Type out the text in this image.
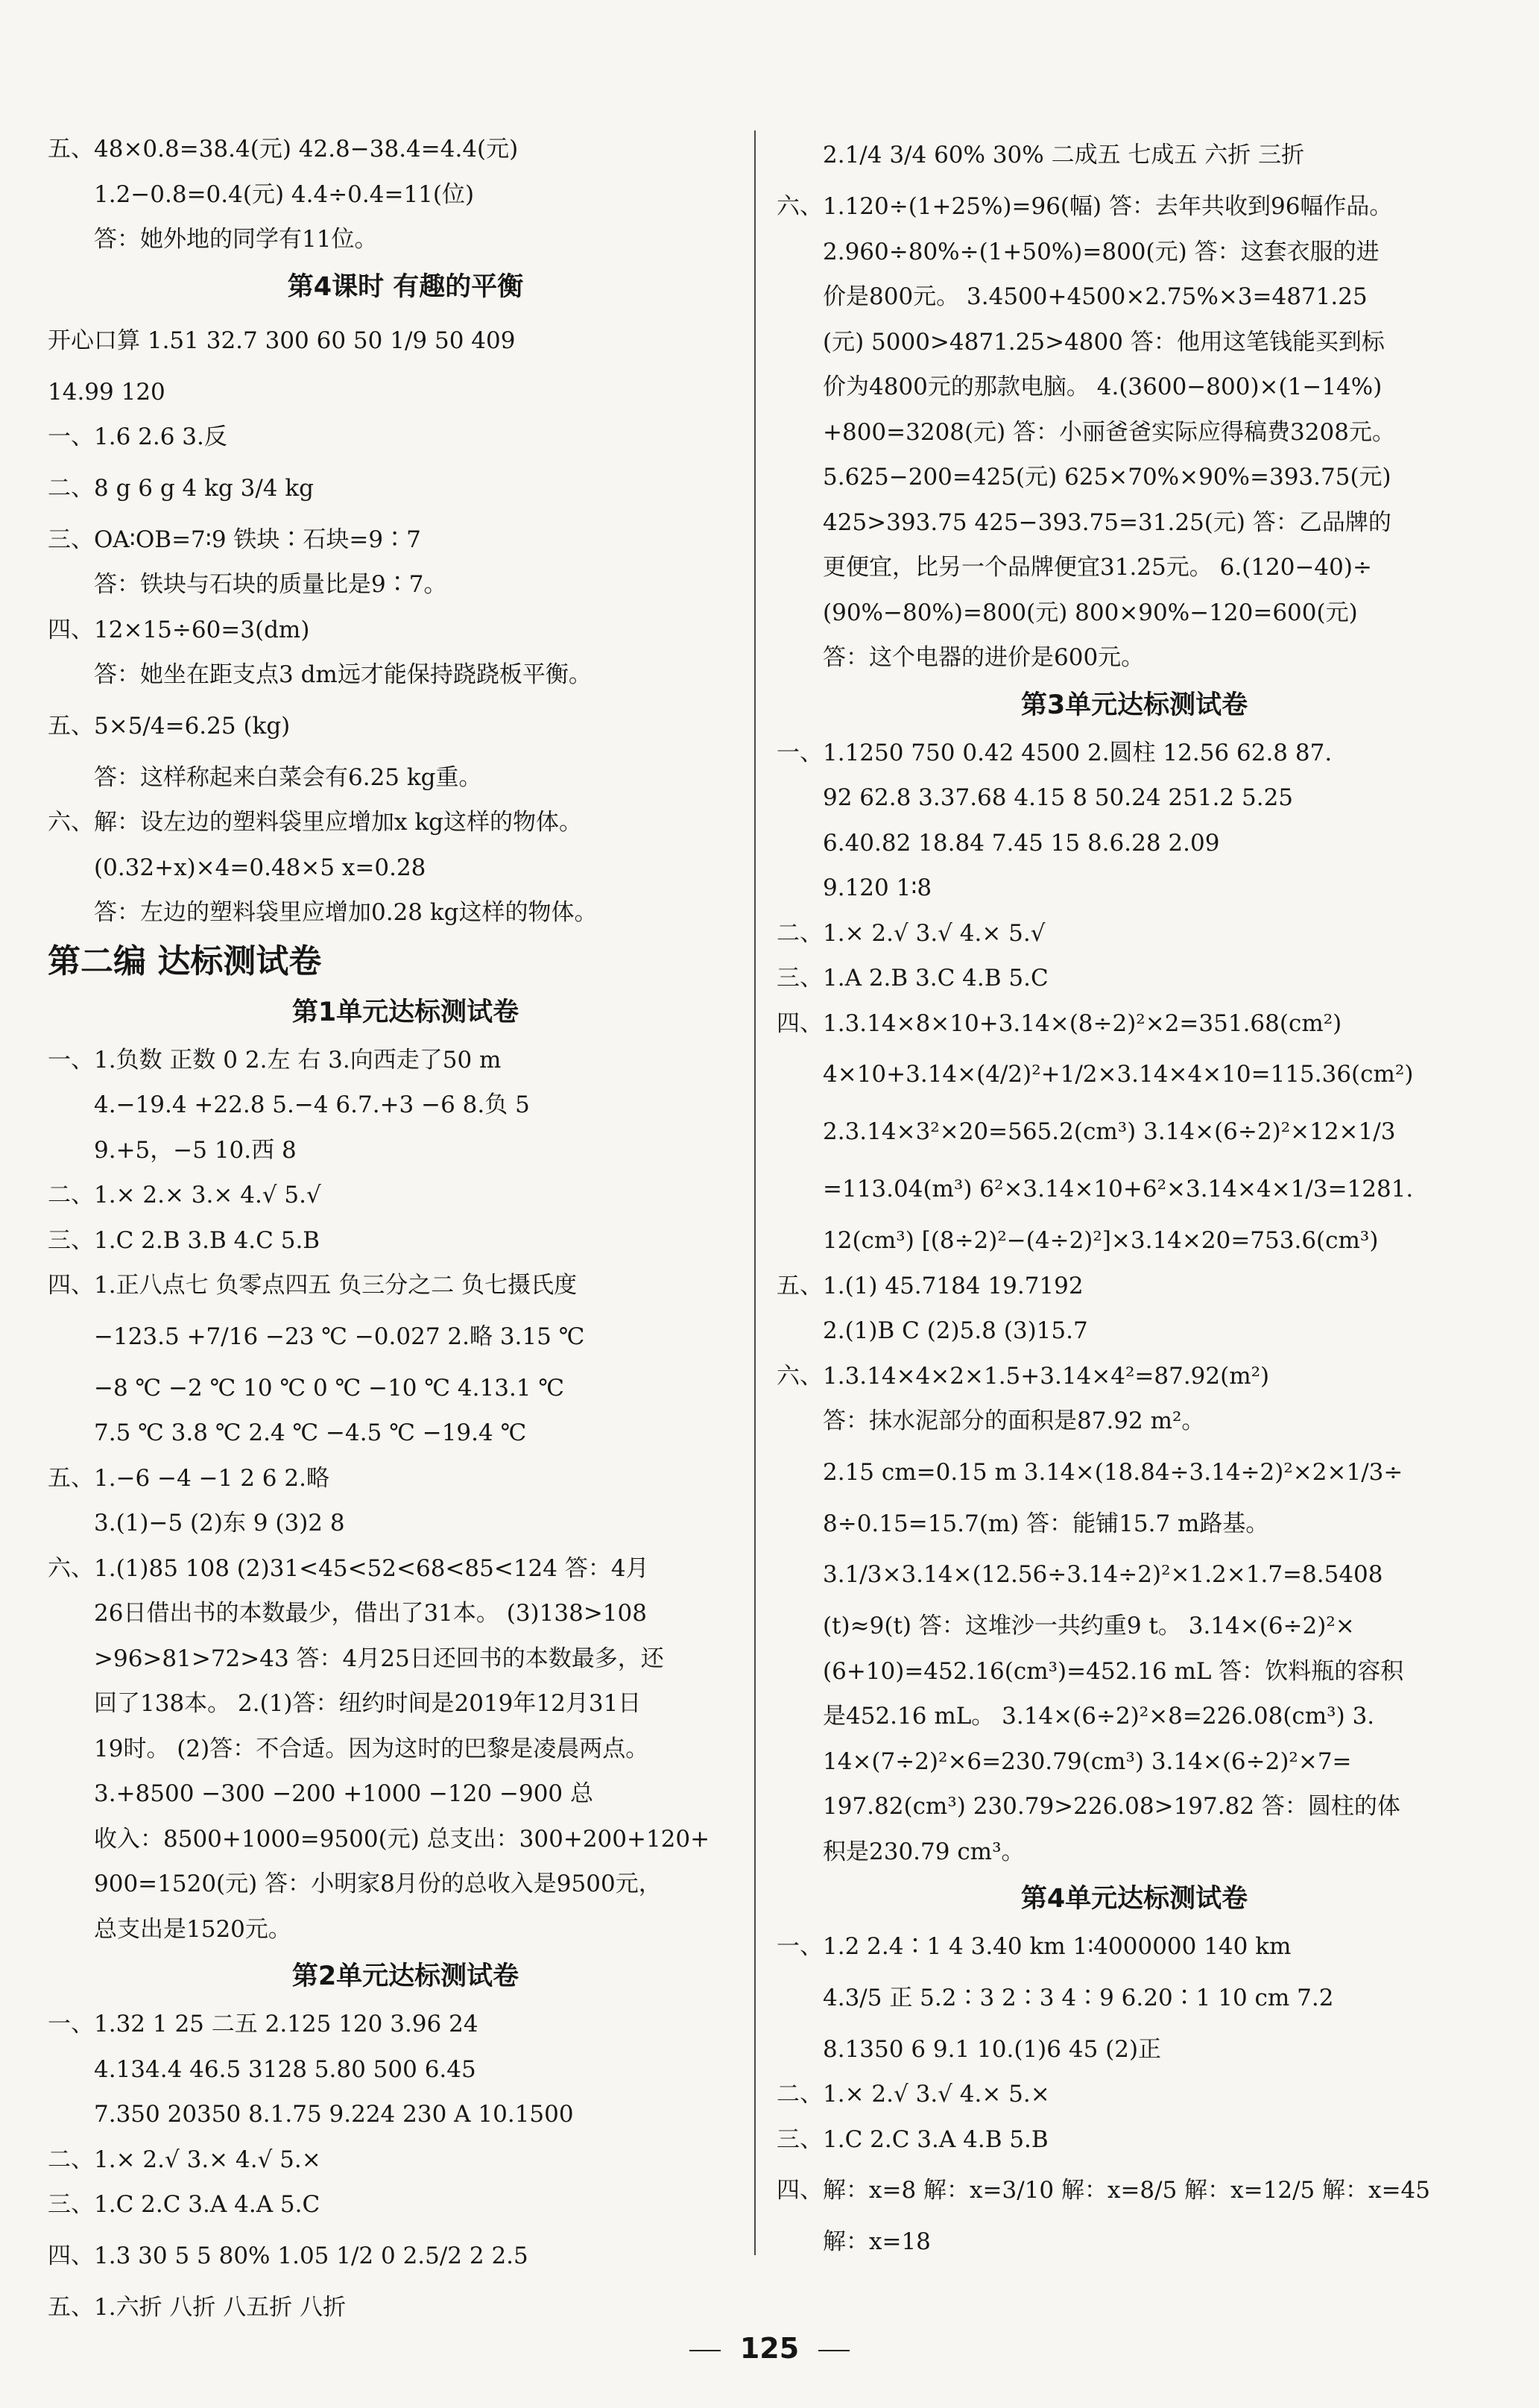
五、48×0.8=38.4(元) 42.8−38.4=4.4(元)
1.2−0.8=0.4(元) 4.4÷0.4=11(位)
答：她外地的同学有11位。
第4课时 有趣的平衡
开心口算 1.51 32.7 300 60 50 1/9 50 409
14.99 120
一、1.6 2.6 3.反
二、8 g 6 g 4 kg 3/4 kg
三、OA∶OB=7∶9 铁块∶石块=9∶7
答：铁块与石块的质量比是9∶7。
四、12×15÷60=3(dm)
答：她坐在距支点3 dm远才能保持跷跷板平衡。
五、5×5/4=6.25 (kg)
答：这样称起来白菜会有6.25 kg重。
六、解：设左边的塑料袋里应增加x kg这样的物体。
(0.32+x)×4=0.48×5 x=0.28
答：左边的塑料袋里应增加0.28 kg这样的物体。
第二编 达标测试卷
第1单元达标测试卷
一、1.负数 正数 0 2.左 右 3.向西走了50 m
4.−19.4 +22.8 5.−4 6.7.+3 −6 8.负 5
9.+5，−5 10.西 8
二、1.× 2.× 3.× 4.√ 5.√
三、1.C 2.B 3.B 4.C 5.B
四、1.正八点七 负零点四五 负三分之二 负七摄氏度
−123.5 +7/16 −23 ℃ −0.027 2.略 3.15 ℃
−8 ℃ −2 ℃ 10 ℃ 0 ℃ −10 ℃ 4.13.1 ℃
7.5 ℃ 3.8 ℃ 2.4 ℃ −4.5 ℃ −19.4 ℃
五、1.−6 −4 −1 2 6 2.略
3.(1)−5 (2)东 9 (3)2 8
六、1.(1)85 108 (2)31<45<52<68<85<124 答：4月
26日借出书的本数最少，借出了31本。 (3)138>108
>96>81>72>43 答：4月25日还回书的本数最多，还
回了138本。 2.(1)答：纽约时间是2019年12月31日
19时。 (2)答：不合适。因为这时的巴黎是凌晨两点。
3.+8500 −300 −200 +1000 −120 −900 总
收入：8500+1000=9500(元) 总支出：300+200+120+
900=1520(元) 答：小明家8月份的总收入是9500元，
总支出是1520元。
第2单元达标测试卷
一、1.32 1 25 二五 2.125 120 3.96 24
4.134.4 46.5 3128 5.80 500 6.45
7.350 20350 8.1.75 9.224 230 A 10.1500
二、1.× 2.√ 3.× 4.√ 5.×
三、1.C 2.C 3.A 4.A 5.C
四、1.3 30 5 5 80% 1.05 1/2 0 2.5/2 2 2.5
五、1.六折 八折 八五折 八折
2.1/4 3/4 60% 30% 二成五 七成五 六折 三折
六、1.120÷(1+25%)=96(幅) 答：去年共收到96幅作品。
2.960÷80%÷(1+50%)=800(元) 答：这套衣服的进
价是800元。 3.4500+4500×2.75%×3=4871.25
(元) 5000>4871.25>4800 答：他用这笔钱能买到标
价为4800元的那款电脑。 4.(3600−800)×(1−14%)
+800=3208(元) 答：小丽爸爸实际应得稿费3208元。
5.625−200=425(元) 625×70%×90%=393.75(元)
425>393.75 425−393.75=31.25(元) 答：乙品牌的
更便宜，比另一个品牌便宜31.25元。 6.(120−40)÷
(90%−80%)=800(元) 800×90%−120=600(元)
答：这个电器的进价是600元。
第3单元达标测试卷
一、1.1250 750 0.42 4500 2.圆柱 12.56 62.8 87.
92 62.8 3.37.68 4.15 8 50.24 251.2 5.25
6.40.82 18.84 7.45 15 8.6.28 2.09
9.120 1∶8
二、1.× 2.√ 3.√ 4.× 5.√
三、1.A 2.B 3.C 4.B 5.C
四、1.3.14×8×10+3.14×(8÷2)²×2=351.68(cm²)
4×10+3.14×(4/2)²+1/2×3.14×4×10=115.36(cm²)
2.3.14×3²×20=565.2(cm³) 3.14×(6÷2)²×12×1/3
=113.04(m³) 6²×3.14×10+6²×3.14×4×1/3=1281.
12(cm³) [(8÷2)²−(4÷2)²]×3.14×20=753.6(cm³)
五、1.(1) 45.7184 19.7192
2.(1)B C (2)5.8 (3)15.7
六、1.3.14×4×2×1.5+3.14×4²=87.92(m²)
答：抹水泥部分的面积是87.92 m²。
2.15 cm=0.15 m 3.14×(18.84÷3.14÷2)²×2×1/3÷
8÷0.15=15.7(m) 答：能铺15.7 m路基。
3.1/3×3.14×(12.56÷3.14÷2)²×1.2×1.7=8.5408
(t)≈9(t) 答：这堆沙一共约重9 t。 3.14×(6÷2)²×
(6+10)=452.16(cm³)=452.16 mL 答：饮料瓶的容积
是452.16 mL。 3.14×(6÷2)²×8=226.08(cm³) 3.
14×(7÷2)²×6=230.79(cm³) 3.14×(6÷2)²×7=
197.82(cm³) 230.79>226.08>197.82 答：圆柱的体
积是230.79 cm³。
第4单元达标测试卷
一、1.2 2.4∶1 4 3.40 km 1∶4000000 140 km
4.3/5 正 5.2∶3 2∶3 4∶9 6.20∶1 10 cm 7.2
8.1350 6 9.1 10.(1)6 45 (2)正
二、1.× 2.√ 3.√ 4.× 5.×
三、1.C 2.C 3.A 4.B 5.B
四、解：x=8 解：x=3/10 解：x=8/5 解：x=12/5 解：x=45
解：x=18
125
